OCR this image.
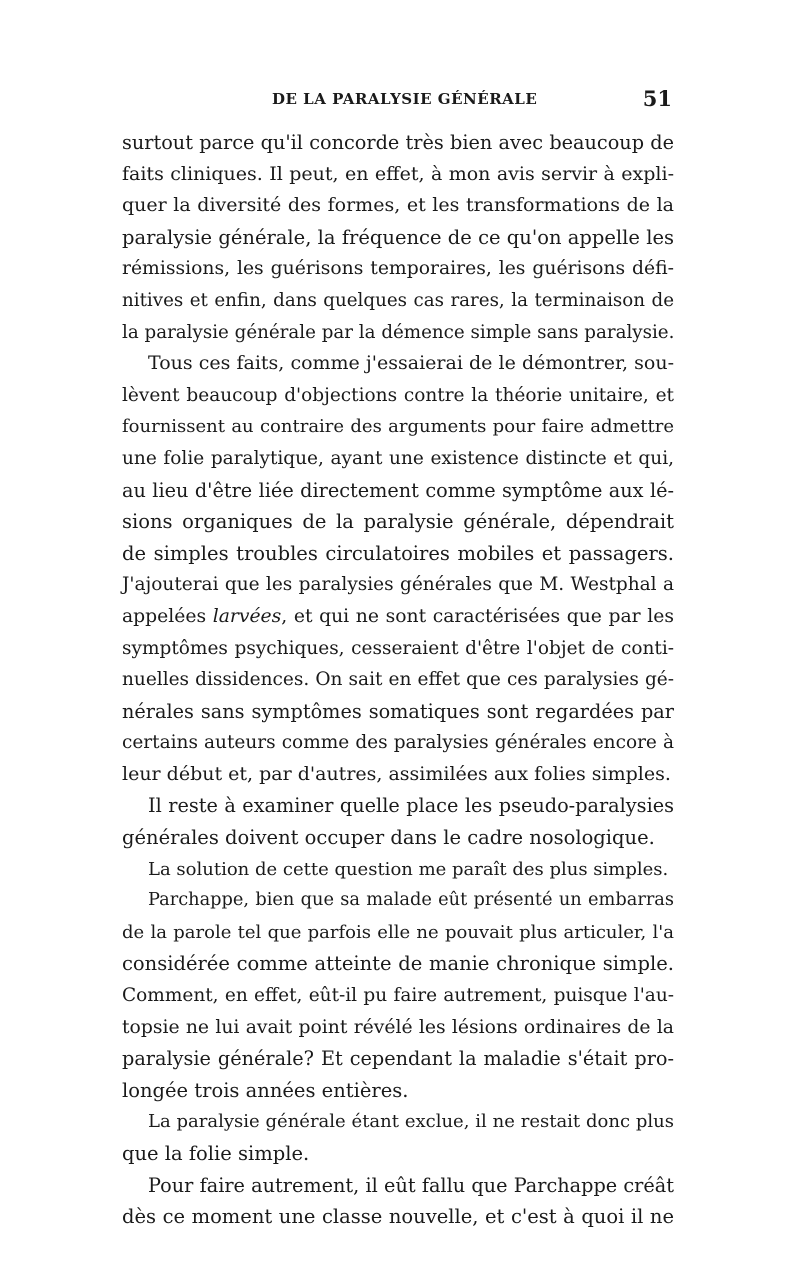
DE LA PARALYSIE GÉNÉRALE	51
surtout parce qu'il concorde très bien avec beaucoup de
faits cliniques. Il peut, en effet, à mon avis servir à expli-
quer la diversité des formes, et les transformations de la
paralysie générale, la fréquence de ce qu'on appelle les
rémissions, les guérisons temporaires, les guérisons défi-
nitives et enfin, dans quelques cas rares, la terminaison de
la paralysie générale par la démence simple sans paralysie.
Tous ces faits, comme j'essaierai de le démontrer, sou-
lèvent beaucoup d'objections contre la théorie unitaire, et
fournissent au contraire des arguments pour faire admettre
une folie paralytique, ayant une existence distincte et qui,
au lieu d'être liée directement comme symptôme aux lé-
sions organiques de la paralysie générale, dépendrait
de simples troubles circulatoires mobiles et passagers.
J'ajouterai que les paralysies générales que M. Westphal a
appelées larvées, et qui ne sont caractérisées que par les
symptômes psychiques, cesseraient d'être l'objet de conti-
nuelles dissidences. On sait en effet que ces paralysies gé-
nérales sans symptômes somatiques sont regardées par
certains auteurs comme des paralysies générales encore à
leur début et, par d'autres, assimilées aux folies simples.
Il reste à examiner quelle place les pseudo-paralysies
générales doivent occuper dans le cadre nosologique.
La solution de cette question me paraît des plus simples.
Parchappe, bien que sa malade eût présenté un embarras
de la parole tel que parfois elle ne pouvait plus articuler, l'a
considérée comme atteinte de manie chronique simple.
Comment, en effet, eût-il pu faire autrement, puisque l'au-
topsie ne lui avait point révélé les lésions ordinaires de la
paralysie générale? Et cependant la maladie s'était pro-
longée trois années entières.
La paralysie générale étant exclue, il ne restait donc plus
que la folie simple.
Pour faire autrement, il eût fallu que Parchappe créât
dès ce moment une classe nouvelle, et c'est à quoi il ne
